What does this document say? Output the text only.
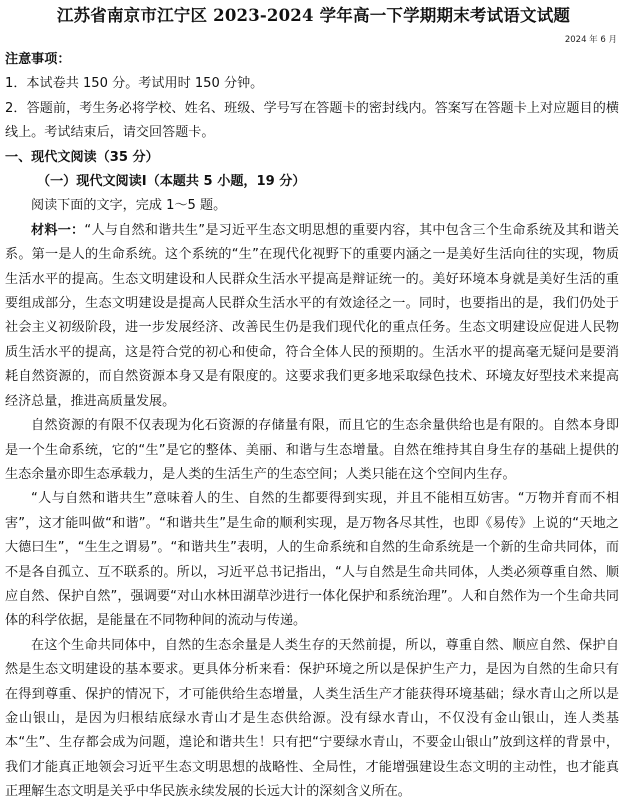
江苏省南京市江宁区 2023-2024 学年高一下学期期末考试语文试题
2024 年 6 月

注意事项：

1．本试卷共 150 分。考试用时 150 分钟。

2．答题前，考生务必将学校、姓名、班级、学号写在答题卡的密封线内。答案写在答题卡上对应题目的横线上。考试结束后，请交回答题卡。

一、现代文阅读（35 分）

（一）现代文阅读Ⅰ（本题共 5 小题，19 分）

阅读下面的文字，完成 1～5 题。

材料一：“人与自然和谐共生”是习近平生态文明思想的重要内容，其中包含三个生命系统及其和谐关系。第一是人的生命系统。这个系统的“生”在现代化视野下的重要内涵之一是美好生活向往的实现，物质生活水平的提高。生态文明建设和人民群众生活水平提高是辩证统一的。美好环境本身就是美好生活的重要组成部分，生态文明建设是提高人民群众生活水平的有效途径之一。同时，也要指出的是，我们仍处于社会主义初级阶段，进一步发展经济、改善民生仍是我们现代化的重点任务。生态文明建设应促进人民物质生活水平的提高，这是符合党的初心和使命，符合全体人民的预期的。生活水平的提高毫无疑问是要消耗自然资源的，而自然资源本身又是有限度的。这要求我们更多地采取绿色技术、环境友好型技术来提高经济总量，推进高质量发展。

自然资源的有限不仅表现为化石资源的存储量有限，而且它的生态余量供给也是有限的。自然本身即是一个生命系统，它的“生”是它的整体、美丽、和谐与生态增量。自然在维持其自身生存的基础上提供的生态余量亦即生态承载力，是人类的生活生产的生态空间；人类只能在这个空间内生存。

“人与自然和谐共生”意味着人的生、自然的生都要得到实现，并且不能相互妨害。“万物并育而不相害”，这才能叫做“和谐”。“和谐共生”是生命的顺利实现，是万物各尽其性，也即《易传》上说的“天地之大德曰生”，“生生之谓易”。“和谐共生”表明，人的生命系统和自然的生命系统是一个新的生命共同体，而不是各自孤立、互不联系的。所以，习近平总书记指出，“人与自然是生命共同体，人类必须尊重自然、顺应自然、保护自然”，强调要“对山水林田湖草沙进行一体化保护和系统治理”。人和自然作为一个生命共同体的科学依据，是能量在不同物种间的流动与传递。

在这个生命共同体中，自然的生态余量是人类生存的天然前提，所以，尊重自然、顺应自然、保护自然是生态文明建设的基本要求。更具体分析来看：保护环境之所以是保护生产力，是因为自然的生命只有在得到尊重、保护的情况下，才可能供给生态增量，人类生活生产才能获得环境基础；绿水青山之所以是金山银山，是因为归根结底绿水青山才是生态供给源。没有绿水青山，不仅没有金山银山，连人类基本“生”、生存都会成为问题，遑论和谐共生！只有把“宁要绿水青山，不要金山银山”放到这样的背景中，我们才能真正地领会习近平生态文明思想的战略性、全局性，才能增强建设生态文明的主动性，也才能真正理解生态文明是关乎中华民族永续发展的长远大计的深刻含义所在。
